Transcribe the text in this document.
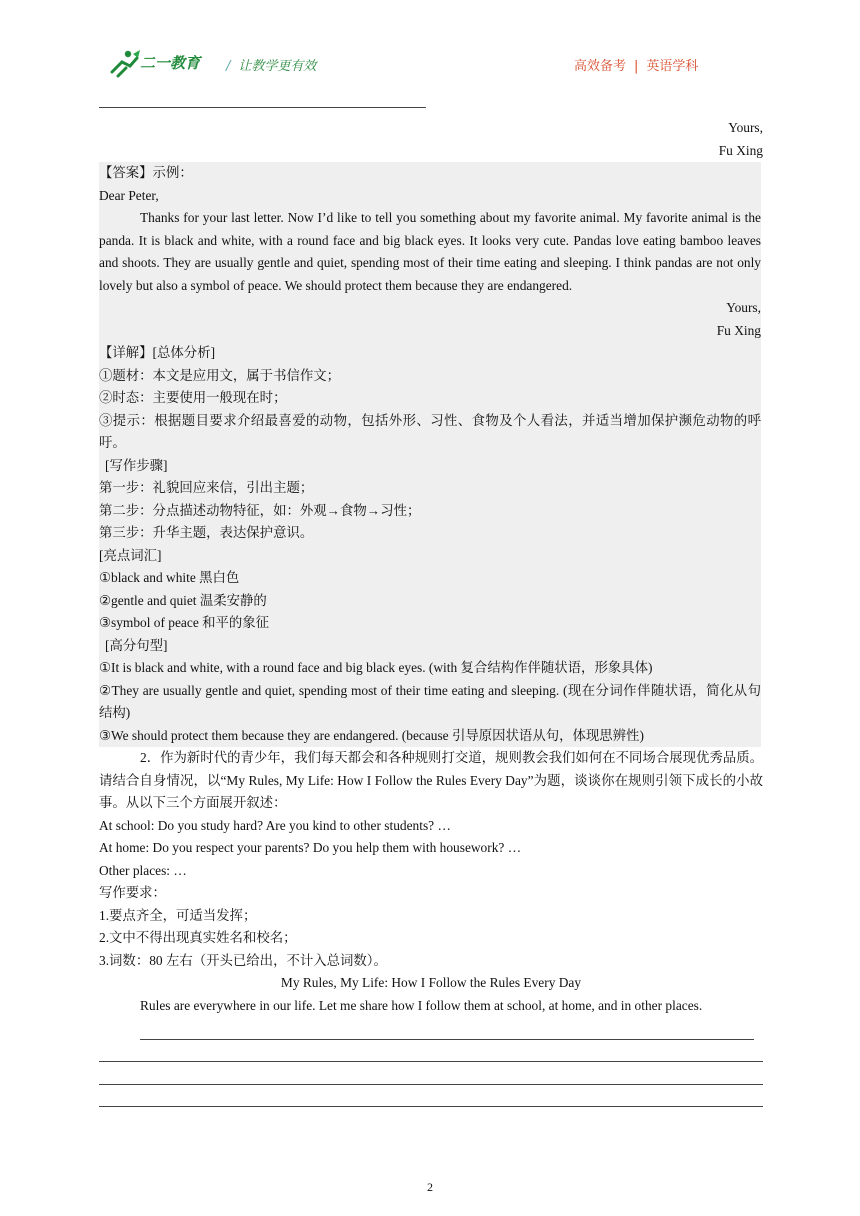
二一教育 / 让教学更有效	高效备考 | 英语学科
Yours,
Fu Xing
【答案】示例：
Dear Peter,
Thanks for your last letter. Now I’d like to tell you something about my favorite animal. My favorite animal is the panda. It is black and white, with a round face and big black eyes. It looks very cute. Pandas love eating bamboo leaves and shoots. They are usually gentle and quiet, spending most of their time eating and sleeping. I think pandas are not only lovely but also a symbol of peace. We should protect them because they are endangered.
Yours,
Fu Xing
【详解】[总体分析]
①题材：本文是应用文，属于书信作文；
②时态：主要使用一般现在时；
③提示：根据题目要求介绍最喜爱的动物，包括外形、习性、食物及个人看法，并适当增加保护濒危动物的呼吁。
[写作步骤]
第一步：礼貌回应来信，引出主题；
第二步：分点描述动物特征，如：外观→食物→习性；
第三步：升华主题，表达保护意识。
[亮点词汇]
①black and white 黑白色
②gentle and quiet 温柔安静的
③symbol of peace 和平的象征
[高分句型]
①It is black and white, with a round face and big black eyes. (with 复合结构作伴随状语，形象具体)
②They are usually gentle and quiet, spending most of their time eating and sleeping. (现在分词作伴随状语，简化从句结构)
③We should protect them because they are endangered. (because 引导原因状语从句，体现思辨性)
2．作为新时代的青少年，我们每天都会和各种规则打交道，规则教会我们如何在不同场合展现优秀品质。请结合自身情况，以“My Rules, My Life: How I Follow the Rules Every Day”为题，谈谈你在规则引领下成长的小故事。从以下三个方面展开叙述：
At school: Do you study hard? Are you kind to other students? …
At home: Do you respect your parents? Do you help them with housework? …
Other places: …
写作要求：
1.要点齐全，可适当发挥；
2.文中不得出现真实姓名和校名；
3.词数：80 左右（开头已给出，不计入总词数）。
My Rules, My Life: How I Follow the Rules Every Day
Rules are everywhere in our life. Let me share how I follow them at school, at home, and in other places.
2
